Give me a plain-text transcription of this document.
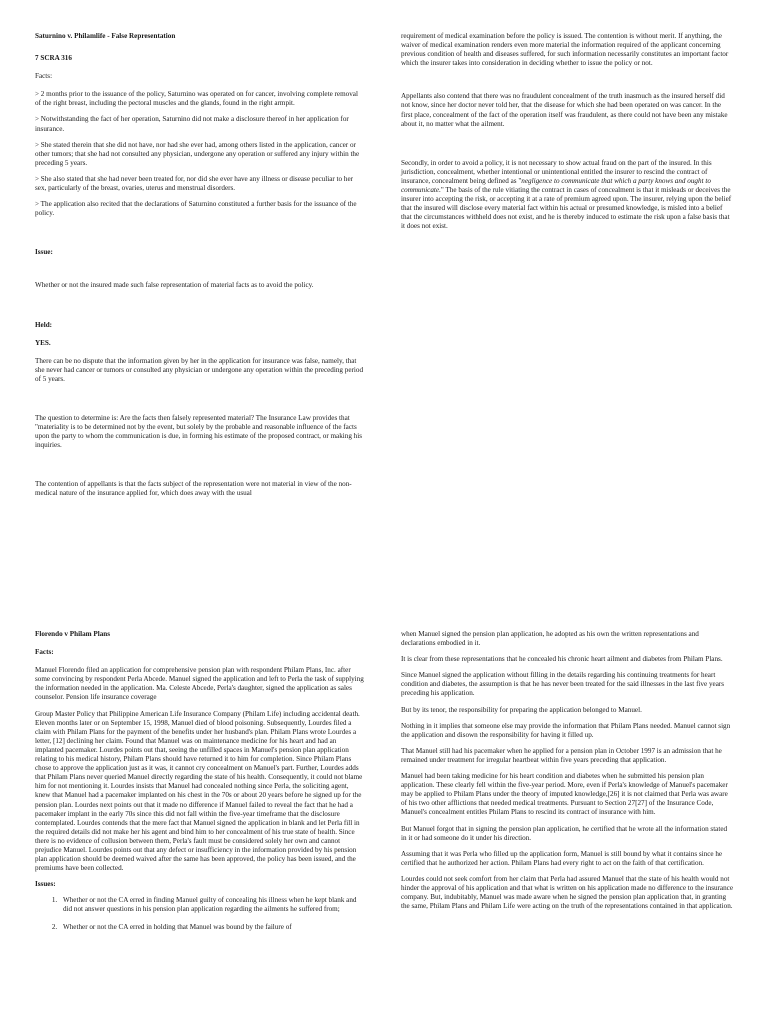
Saturnino v. Philamlife - False Representation

7 SCRA 316

Facts:

> 2 months prior to the issuance of the policy, Saturnino was operated on for cancer, involving complete removal of the right breast, including the pectoral muscles and the glands, found in the right armpit.

> Notwithstanding the fact of her operation, Saturnino did not make a disclosure thereof in her application for insurance.

> She stated therein that she did not have, nor had she ever had, among others listed in the application, cancer or other tumors; that she had not consulted any physician, undergone any operation or suffered any injury within the preceding 5 years.

> She also stated that she had never been treated for, nor did she ever have any illness or disease peculiar to her sex, particularly of the breast, ovaries, uterus and menstrual disorders.

> The application also recited that the declarations of Saturnino constituted a further basis for the issuance of the policy.

Issue:

Whether or not the insured made such false representation of material facts as to avoid the policy.

Held:

YES.

There can be no dispute that the information given by her in the application for insurance was false, namely, that she never had cancer or tumors or consulted any physician or undergone any operation within the preceding period of 5 years.

The question to determine is: Are the facts then falsely represented material? The Insurance Law provides that "materiality is to be determined not by the event, but solely by the probable and reasonable influence of the facts upon the party to whom the communication is due, in forming his estimate of the proposed contract, or making his inquiries.

The contention of appellants is that the facts subject of the representation were not material in view of the non-medical nature of the insurance applied for, which does away with the usual

requirement of medical examination before the policy is issued. The contention is without merit. If anything, the waiver of medical examination renders even more material the information required of the applicant concerning previous condition of health and diseases suffered, for such information necessarily constitutes an important factor which the insurer takes into consideration in deciding whether to issue the policy or not.

Appellants also contend that there was no fraudulent concealment of the truth inasmuch as the insured herself did not know, since her doctor never told her, that the disease for which she had been operated on was cancer. In the first place, concealment of the fact of the operation itself was fraudulent, as there could not have been any mistake about it, no matter what the ailment.

Secondly, in order to avoid a policy, it is not necessary to show actual fraud on the part of the insured. In this jurisdiction, concealment, whether intentional or unintentional entitled the insurer to rescind the contract of insurance, concealment being defined as "negligence to communicate that which a party knows and ought to communicate." The basis of the rule vitiating the contract in cases of concealment is that it misleads or deceives the insurer into accepting the risk, or accepting it at a rate of premium agreed upon. The insurer, relying upon the belief that the insured will disclose every material fact within his actual or presumed knowledge, is misled into a belief that the circumstances withheld does not exist, and he is thereby induced to estimate the risk upon a false basis that it does not exist.

Florendo v Philam Plans

Facts:

Manuel Florendo filed an application for comprehensive pension plan with respondent Philam Plans, Inc. after some convincing by respondent Perla Abcede. Manuel signed the application and left to Perla the task of supplying the information needed in the application. Ma. Celeste Abcede, Perla's daughter, signed the application as sales counselor. Pension life insurance coverage

Group Master Policy that Philippine American Life Insurance Company (Philam Life) including accidental death. Eleven months later or on September 15, 1998, Manuel died of blood poisoning. Subsequently, Lourdes filed a claim with Philam Plans for the payment of the benefits under her husband's plan. Philam Plans wrote Lourdes a letter, [12] declining her claim. Found that Manuel was on maintenance medicine for his heart and had an implanted pacemaker. Lourdes points out that, seeing the unfilled spaces in Manuel's pension plan application relating to his medical history, Philam Plans should have returned it to him for completion. Since Philam Plans chose to approve the application just as it was, it cannot cry concealment on Manuel's part. Further, Lourdes adds that Philam Plans never queried Manuel directly regarding the state of his health. Consequently, it could not blame him for not mentioning it. Lourdes insists that Manuel had concealed nothing since Perla, the soliciting agent, knew that Manuel had a pacemaker implanted on his chest in the 70s or about 20 years before he signed up for the pension plan. Lourdes next points out that it made no difference if Manuel failed to reveal the fact that he had a pacemaker implant in the early 70s since this did not fall within the five-year timeframe that the disclosure contemplated. Lourdes contends that the mere fact that Manuel signed the application in blank and let Perla fill in the required details did not make her his agent and bind him to her concealment of his true state of health. Since there is no evidence of collusion between them, Perla's fault must be considered solely her own and cannot prejudice Manuel. Lourdes points out that any defect or insufficiency in the information provided by his pension plan application should be deemed waived after the same has been approved, the policy has been issued, and the premiums have been collected.

Issues:

1. Whether or not the CA erred in finding Manuel guilty of concealing his illness when he kept blank and did not answer questions in his pension plan application regarding the ailments he suffered from;
2. Whether or not the CA erred in holding that Manuel was bound by the failure of

when Manuel signed the pension plan application, he adopted as his own the written representations and declarations embodied in it.

It is clear from these representations that he concealed his chronic heart ailment and diabetes from Philam Plans.

Since Manuel signed the application without filling in the details regarding his continuing treatments for heart condition and diabetes, the assumption is that he has never been treated for the said illnesses in the last five years preceding his application.

But by its tenor, the responsibility for preparing the application belonged to Manuel.

Nothing in it implies that someone else may provide the information that Philam Plans needed. Manuel cannot sign the application and disown the responsibility for having it filled up.

That Manuel still had his pacemaker when he applied for a pension plan in October 1997 is an admission that he remained under treatment for irregular heartbeat within five years preceding that application.

Manuel had been taking medicine for his heart condition and diabetes when he submitted his pension plan application. These clearly fell within the five-year period. More, even if Perla's knowledge of Manuel's pacemaker may be applied to Philam Plans under the theory of imputed knowledge,[26] it is not claimed that Perla was aware of his two other afflictions that needed medical treatments. Pursuant to Section 27[27] of the Insurance Code, Manuel's concealment entitles Philam Plans to rescind its contract of insurance with him.

But Manuel forgot that in signing the pension plan application, he certified that he wrote all the information stated in it or had someone do it under his direction.

Assuming that it was Perla who filled up the application form, Manuel is still bound by what it contains since he certified that he authorized her action. Philam Plans had every right to act on the faith of that certification.

Lourdes could not seek comfort from her claim that Perla had assured Manuel that the state of his health would not hinder the approval of his application and that what is written on his application made no difference to the insurance company. But, indubitably, Manuel was made aware when he signed the pension plan application that, in granting the same, Philam Plans and Philam Life were acting on the truth of the representations contained in that application.
